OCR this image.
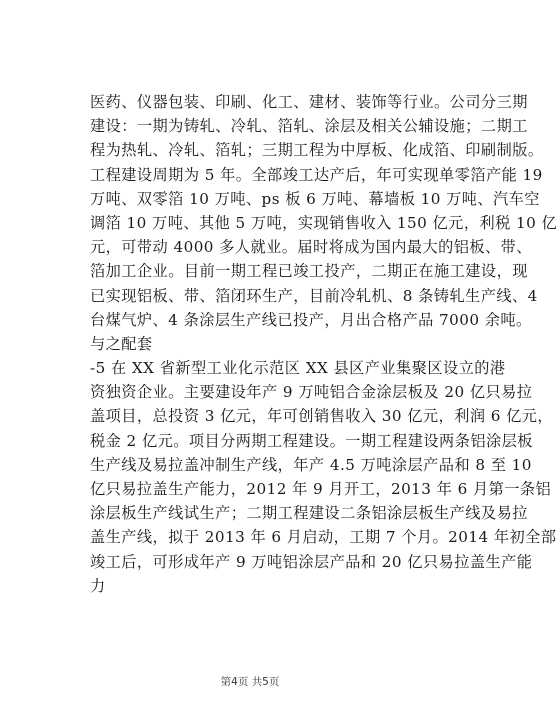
医药、仪器包装、印刷、化工、建材、装饰等行业。公司分三期
建设：一期为铸轧、冷轧、箔轧、涂层及相关公辅设施；二期工
程为热轧、冷轧、箔轧；三期工程为中厚板、化成箔、印刷制版。
工程建设周期为 5 年。全部竣工达产后，年可实现单零箔产能 19
万吨、双零箔 10 万吨、ps 板 6 万吨、幕墙板 10 万吨、汽车空
调箔 10 万吨、其他 5 万吨，实现销售收入 150 亿元，利税 10 亿
元，可带动 4000 多人就业。届时将成为国内最大的铝板、带、
箔加工企业。目前一期工程已竣工投产，二期正在施工建设，现
已实现铝板、带、箔闭环生产，目前冷轧机、8 条铸轧生产线、4
台煤气炉、4 条涂层生产线已投产，月出合格产品 7000 余吨。
与之配套
-5 在 XX 省新型工业化示范区 XX 县区产业集聚区设立的港
资独资企业。主要建设年产 9 万吨铝合金涂层板及 20 亿只易拉
盖项目，总投资 3 亿元，年可创销售收入 30 亿元，利润 6 亿元，
税金 2 亿元。项目分两期工程建设。一期工程建设两条铝涂层板
生产线及易拉盖冲制生产线，年产 4.5 万吨涂层产品和 8 至 10
亿只易拉盖生产能力，2012 年 9 月开工，2013 年 6 月第一条铝
涂层板生产线试生产；二期工程建设二条铝涂层板生产线及易拉
盖生产线，拟于 2013 年 6 月启动，工期 7 个月。2014 年初全部
竣工后，可形成年产 9 万吨铝涂层产品和 20 亿只易拉盖生产能
力
第4页 共5页
